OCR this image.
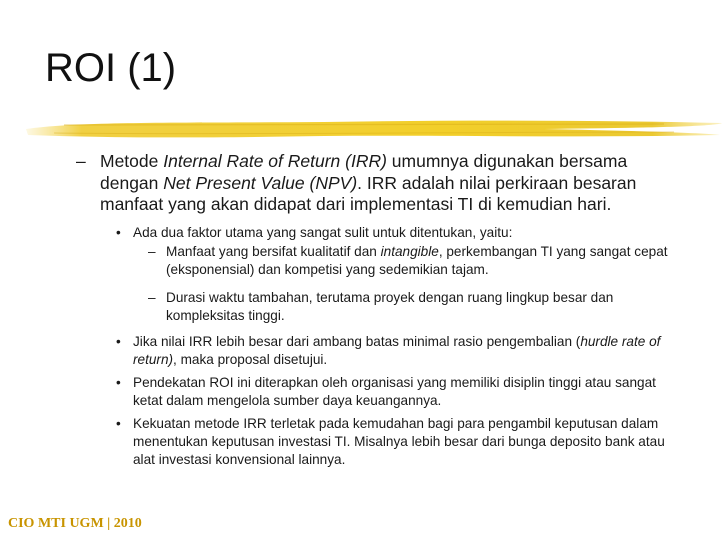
ROI (1)
– Metode Internal Rate of Return (IRR) umumnya digunakan bersama dengan Net Present Value (NPV). IRR adalah nilai perkiraan besaran manfaat yang akan didapat dari implementasi TI di kemudian hari.
• Ada dua faktor utama yang sangat sulit untuk ditentukan, yaitu:
– Manfaat yang bersifat kualitatif dan intangible, perkembangan TI yang sangat cepat (eksponensial) dan kompetisi yang sedemikian tajam.
– Durasi waktu tambahan, terutama proyek dengan ruang lingkup besar dan kompleksitas tinggi.
• Jika nilai IRR lebih besar dari ambang batas minimal rasio pengembalian (hurdle rate of return), maka proposal disetujui.
• Pendekatan ROI ini diterapkan oleh organisasi yang memiliki disiplin tinggi atau sangat ketat dalam mengelola sumber daya keuangannya.
• Kekuatan metode IRR terletak pada kemudahan bagi para pengambil keputusan dalam menentukan keputusan investasi TI. Misalnya lebih besar dari bunga deposito bank atau alat investasi konvensional lainnya.
CIO MTI UGM | 2010
